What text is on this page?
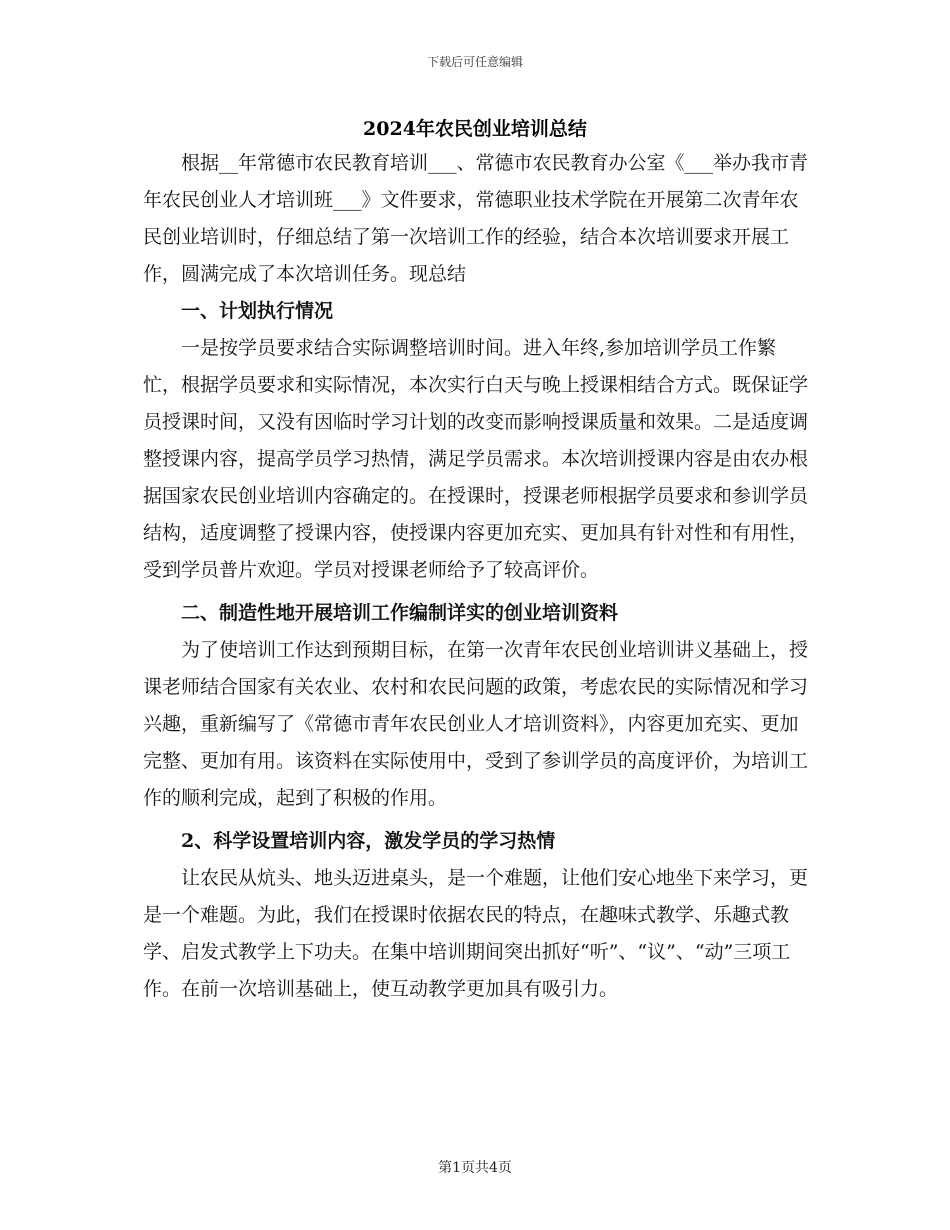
下载后可任意编辑
2024年农民创业培训总结

根据__年常德市农民教育培训___、常德市农民教育办公室《___举办我市青年农民创业人才培训班___》文件要求，常德职业技术学院在开展第二次青年农民创业培训时，仔细总结了第一次培训工作的经验，结合本次培训要求开展工作，圆满完成了本次培训任务。现总结

一、计划执行情况

一是按学员要求结合实际调整培训时间。进入年终,参加培训学员工作繁忙，根据学员要求和实际情况，本次实行白天与晚上授课相结合方式。既保证学员授课时间，又没有因临时学习计划的改变而影响授课质量和效果。二是适度调整授课内容，提高学员学习热情，满足学员需求。本次培训授课内容是由农办根据国家农民创业培训内容确定的。在授课时，授课老师根据学员要求和参训学员结构，适度调整了授课内容，使授课内容更加充实、更加具有针对性和有用性，受到学员普片欢迎。学员对授课老师给予了较高评价。

二、制造性地开展培训工作编制详实的创业培训资料

为了使培训工作达到预期目标，在第一次青年农民创业培训讲义基础上，授课老师结合国家有关农业、农村和农民问题的政策，考虑农民的实际情况和学习兴趣，重新编写了《常德市青年农民创业人才培训资料》，内容更加充实、更加完整、更加有用。该资料在实际使用中，受到了参训学员的高度评价，为培训工作的顺利完成，起到了积极的作用。

2、科学设置培训内容，激发学员的学习热情

让农民从炕头、地头迈进桌头，是一个难题，让他们安心地坐下来学习，更是一个难题。为此，我们在授课时依据农民的特点，在趣味式教学、乐趣式教学、启发式教学上下功夫。在集中培训期间突出抓好“听”、“议”、“动”三项工作。在前一次培训基础上，使互动教学更加具有吸引力。

第1页共4页
